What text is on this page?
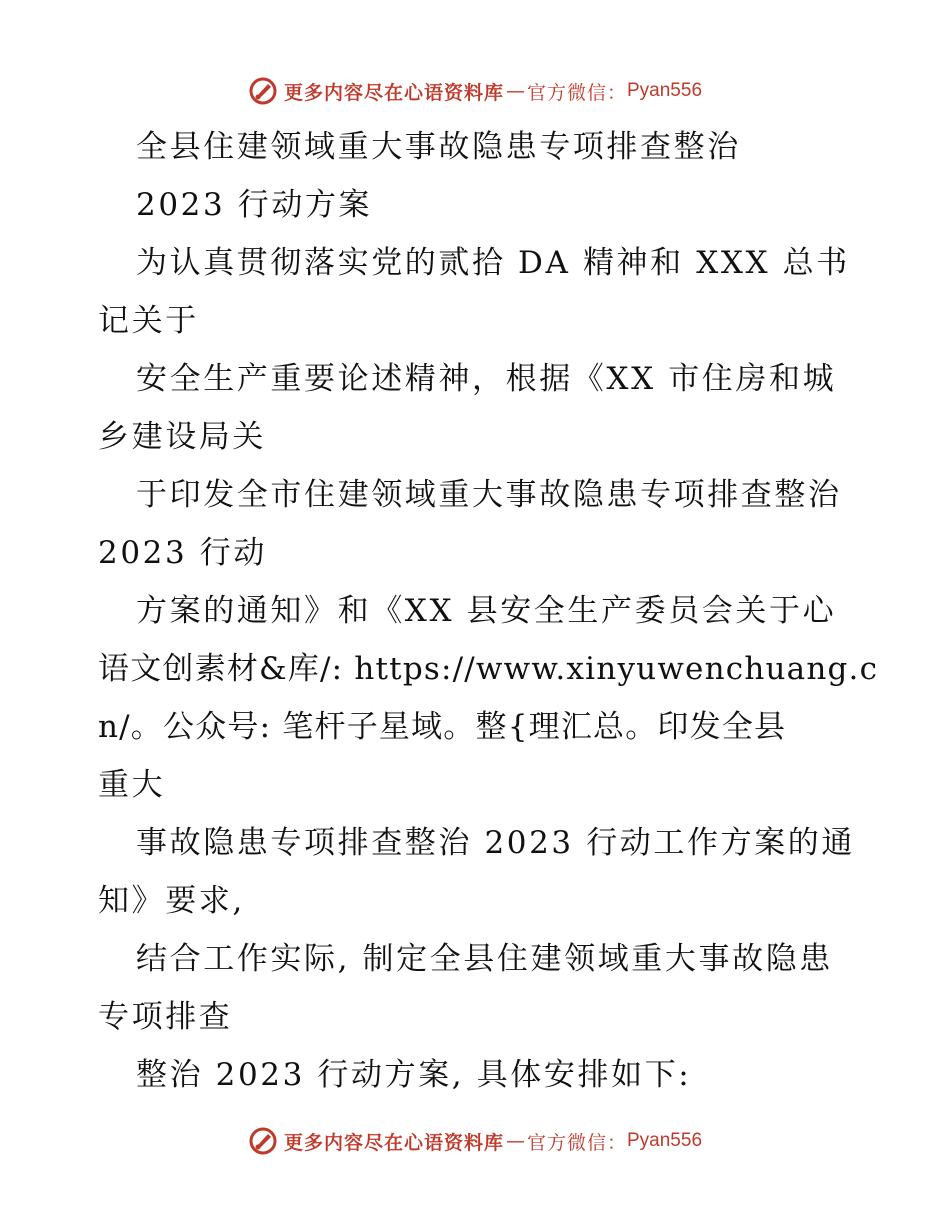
更多内容尽在心语资料库 — 官方微信： Pyan556
全县住建领域重大事故隐患专项排查整治
2023 行动方案
为认真贯彻落实党的贰拾 DA 精神和 XXX 总书
记关于
安全生产重要论述精神，根据《XX 市住房和城
乡建设局关
于印发全市住建领域重大事故隐患专项排查整治
2023 行动
方案的通知》和《XX 县安全生产委员会关于心
语文创素材&库/: https://www.xinyuwenchuang.c
n/。公众号: 笔杆子星域。整{理汇总。印发全县
重大
事故隐患专项排查整治 2023 行动工作方案的通
知》要求,
结合工作实际, 制定全县住建领域重大事故隐患
专项排查
整治 2023 行动方案, 具体安排如下:
更多内容尽在心语资料库 — 官方微信： Pyan556
